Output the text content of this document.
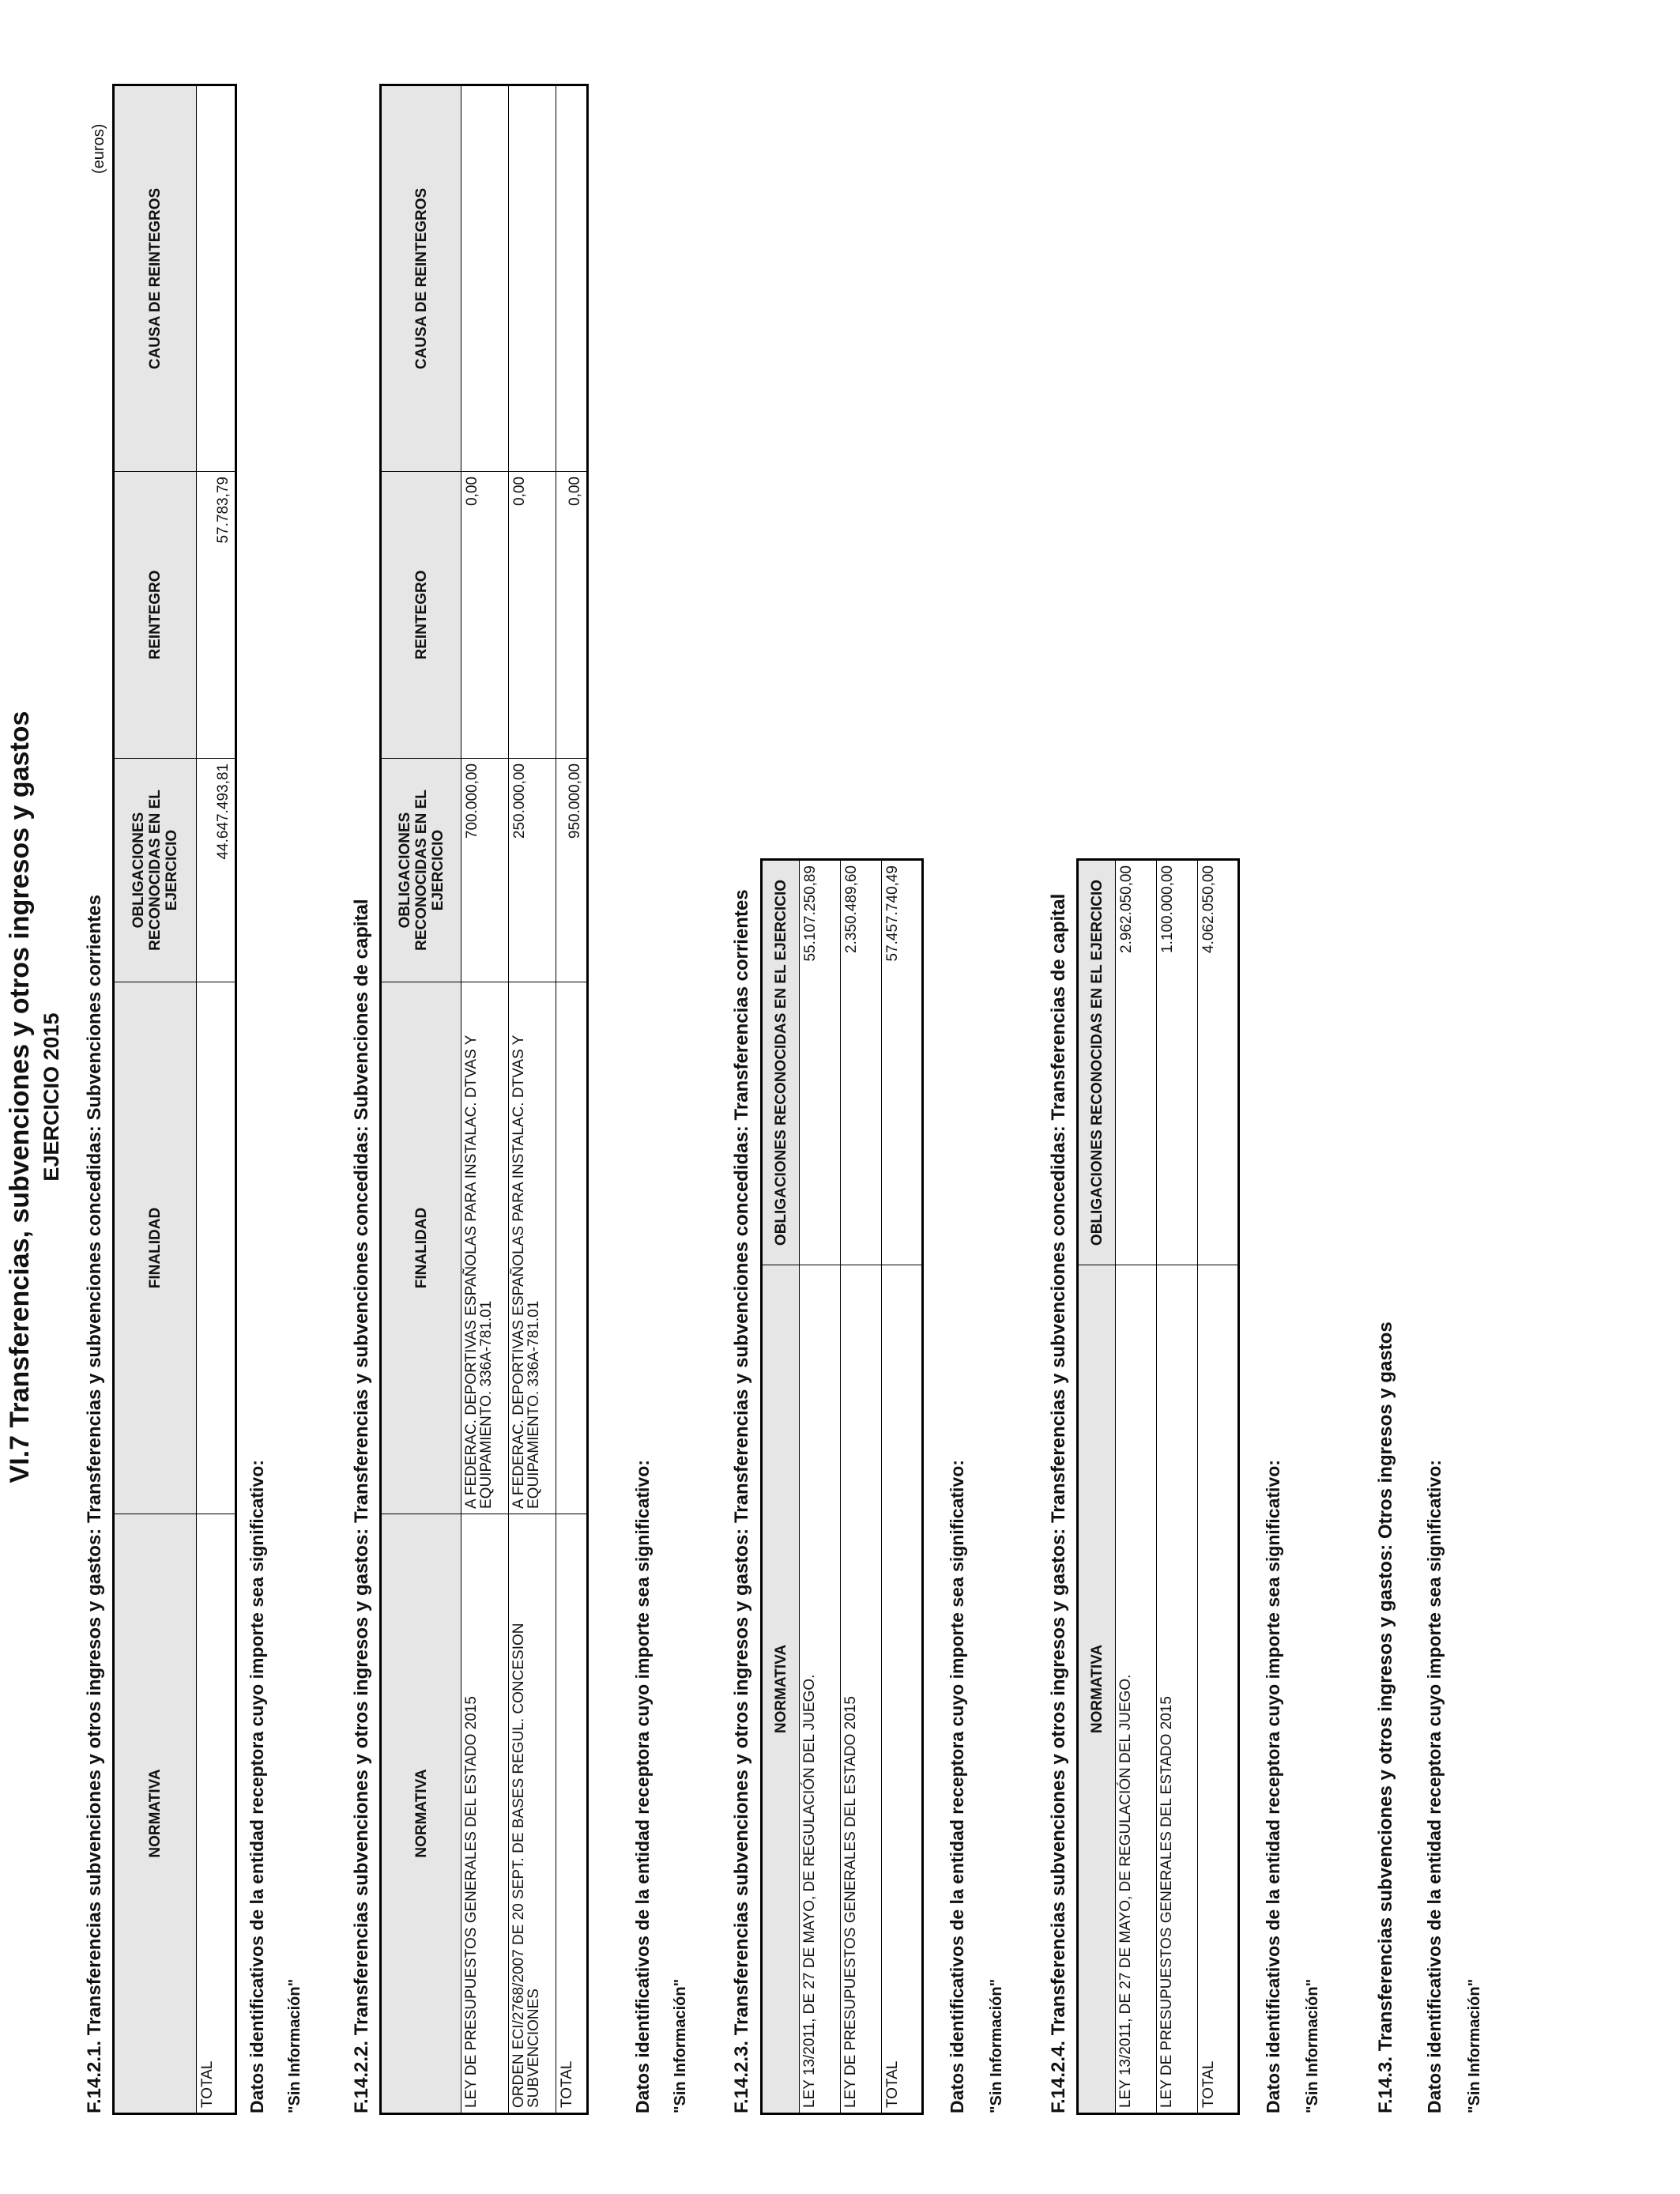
VI.7 Transferencias, subvenciones y otros ingresos y gastos EJERCICIO 2015
(euros)
F.14.2.1. Transferencias subvenciones y otros ingresos y gastos: Transferencias y subvenciones concedidas: Subvenciones corrientes	NORMATIVA	FINALIDAD	OBLIGACIONES RECONOCIDAS EN EL EJERCICIO	REINTEGRO	CAUSA DE REINTEGROS
TOTAL		44.647.493,81	57.783,79	
Datos identificativos de la entidad receptora cuyo importe sea significativo: "Sin Información"	F.14.2.2. Transferencias subvenciones y otros ingresos y gastos: Transferencias y subvenciones concedidas: Subvenciones de capital	NORMATIVA	FINALIDAD	OBLIGACIONES RECONOCIDAS EN EL EJERCICIO	REINTEGRO	CAUSA DE REINTEGROS
LEY DE PRESUPUESTOS GENERALES DEL ESTADO 2015	A FEDERAC. DEPORTIVAS ESPAÑOLAS PARA INSTALAC. DTVAS Y EQUIPAMIENTO. 336A-781.01	700.000,00	0,00	
ORDEN ECI/2768/2007 DE 20 SEPT. DE BASES REGUL. CONCESION SUBVENCIONES	A FEDERAC. DEPORTIVAS ESPAÑOLAS PARA INSTALAC. DTVAS Y EQUIPAMIENTO. 336A-781.01	250.000,00	0,00	
TOTAL		950.000,00	0,00	
Datos identificativos de la entidad receptora cuyo importe sea significativo: "Sin Información" F.14.2.3. Transferencias subvenciones y otros ingresos y gastos: Transferencias y subvenciones concedidas: Transferencias corrientes NORMATIVA	OBLIGACIONES RECONOCIDAS EN EL EJERCICIO
LEY 13/2011, DE 27 DE MAYO, DE REGULACIÓN DEL JUEGO.	55.107.250,89
LEY DE PRESUPUESTOS GENERALES DEL ESTADO 2015	2.350.489,60
TOTAL	57.457.740,49
Datos identificativos de la entidad receptora cuyo importe sea significativo: "Sin Información" F.14.2.4. Transferencias subvenciones y otros ingresos y gastos: Transferencias y subvenciones concedidas: Transferencias de capital NORMATIVA	OBLIGACIONES RECONOCIDAS EN EL EJERCICIO
LEY 13/2011, DE 27 DE MAYO, DE REGULACIÓN DEL JUEGO.	2.962.050,00
LEY DE PRESUPUESTOS GENERALES DEL ESTADO 2015	1.100.000,00
TOTAL	4.062.050,00
Datos identificativos de la entidad receptora cuyo importe sea significativo: "Sin Información"	F.14.3. Transferencias subvenciones y otros ingresos y gastos: Otros ingresos y gastos Datos identificativos de la entidad receptora cuyo importe sea significativo: "Sin Información"
